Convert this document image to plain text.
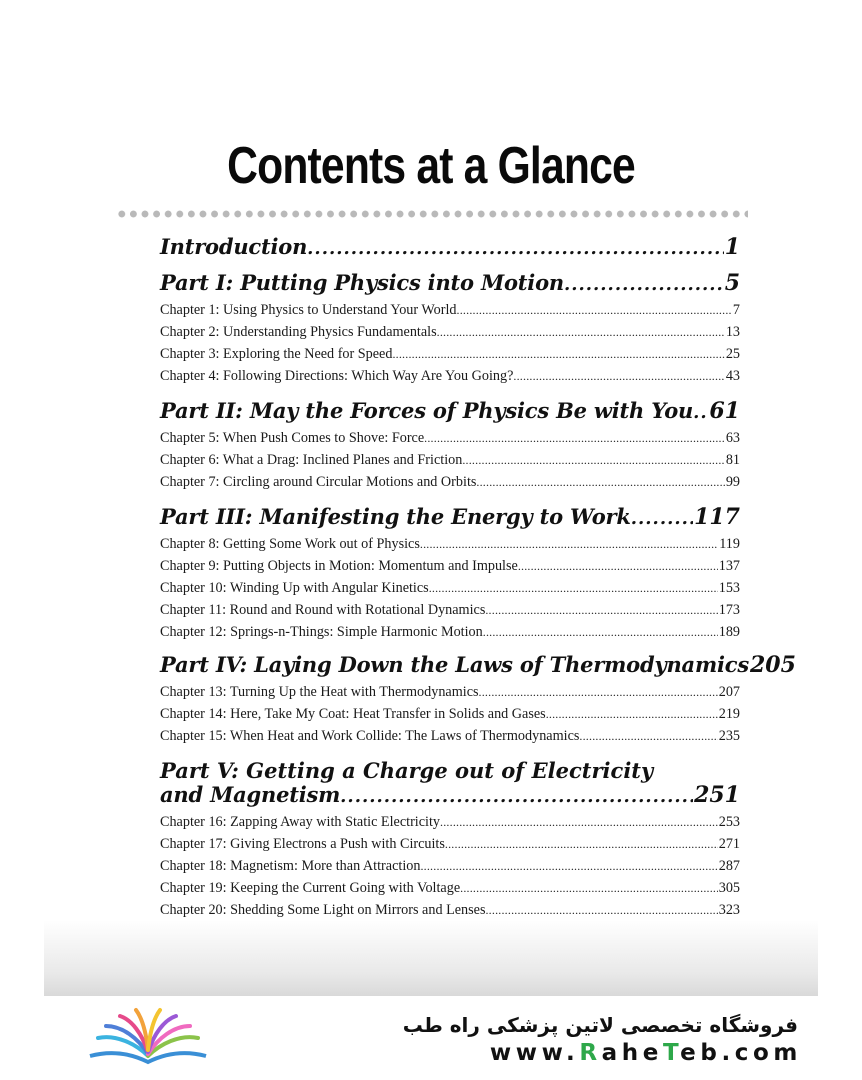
Contents at a Glance
Introduction .....	1
Part I: Putting Physics into Motion .....	5
Chapter 1: Using Physics to Understand Your World .....	7
Chapter 2: Understanding Physics Fundamentals .....	13
Chapter 3: Exploring the Need for Speed .....	25
Chapter 4: Following Directions: Which Way Are You Going? .....	43
Part II: May the Forces of Physics Be with You ..... 61
Chapter 5: When Push Comes to Shove: Force .....	63
Chapter 6: What a Drag: Inclined Planes and Friction .....	81
Chapter 7: Circling around Circular Motions and Orbits .....	99
Part III: Manifesting the Energy to Work .....	117
Chapter 8: Getting Some Work out of Physics .....	119
Chapter 9: Putting Objects in Motion: Momentum and Impulse .....	137
Chapter 10: Winding Up with Angular Kinetics .....	153
Chapter 11: Round and Round with Rotational Dynamics .....	173
Chapter 12: Springs-n-Things: Simple Harmonic Motion .....	189
Part IV: Laying Down the Laws of Thermodynamics 205
Chapter 13: Turning Up the Heat with Thermodynamics .....	207
Chapter 14: Here, Take My Coat: Heat Transfer in Solids and Gases .....	219
Chapter 15: When Heat and Work Collide: The Laws of Thermodynamics .....	235
Part V: Getting a Charge out of Electricity
and Magnetism .....	251
Chapter 16: Zapping Away with Static Electricity .....	253
Chapter 17: Giving Electrons a Push with Circuits .....	271
Chapter 18: Magnetism: More than Attraction .....	287
Chapter 19: Keeping the Current Going with Voltage .....	305
Chapter 20: Shedding Some Light on Mirrors and Lenses .....	323
فروشگاه تخصصی لاتین پزشکی راه طب
www.RaheTeb.com
